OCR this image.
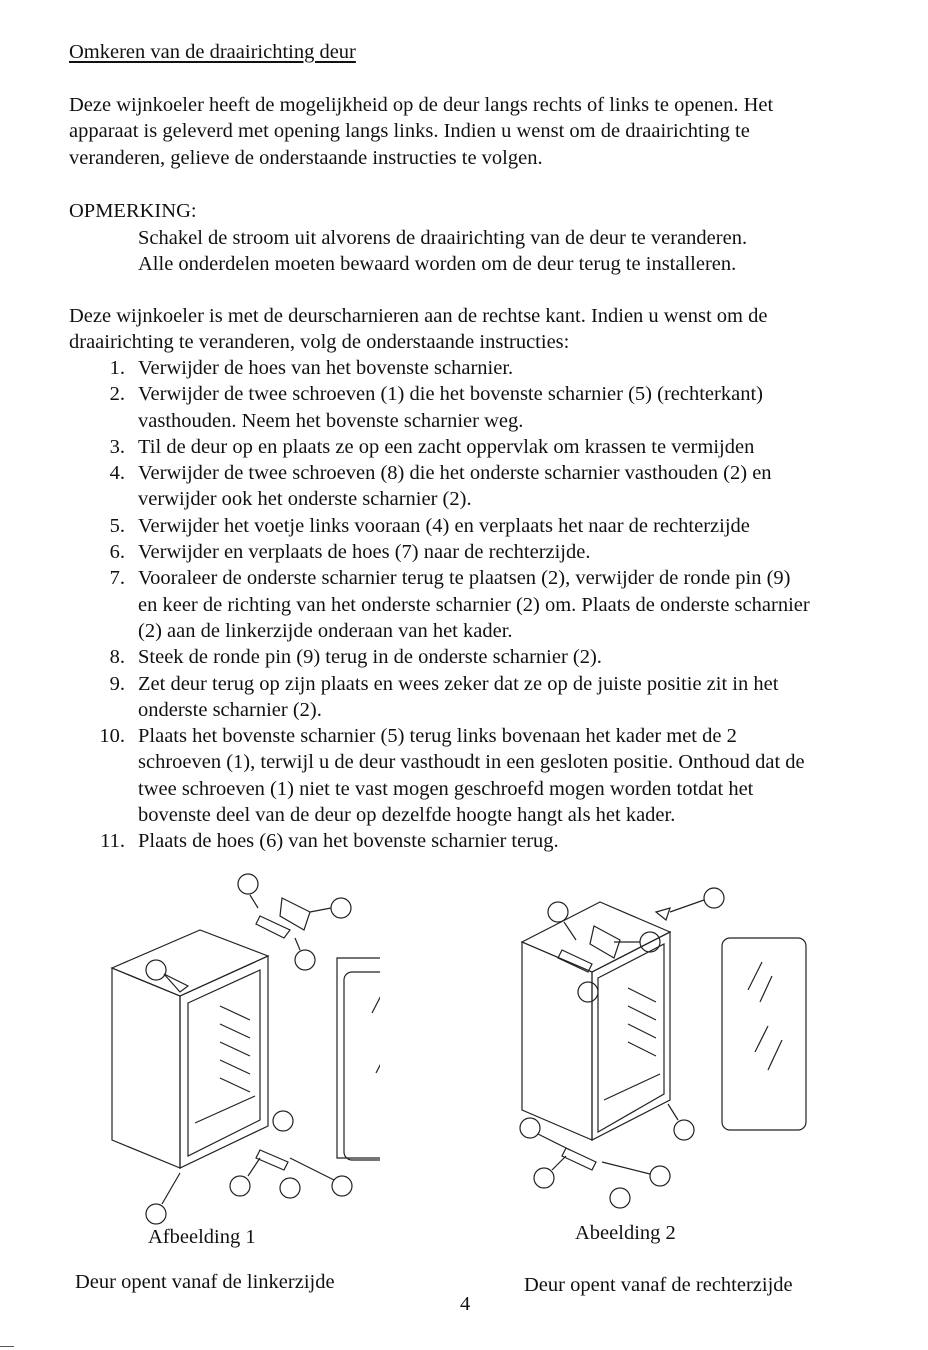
Omkeren van de draairichting deur
Deze wijnkoeler heeft de mogelijkheid op de deur langs rechts of links te openen. Het
apparaat is geleverd met opening langs links. Indien u wenst om de draairichting te
veranderen, gelieve de onderstaande instructies te volgen.
OPMERKING:
Schakel de stroom uit alvorens de draairichting van de deur te veranderen.
Alle onderdelen moeten bewaard worden om de deur terug te installeren.
Deze wijnkoeler is met de deurscharnieren aan de rechtse kant. Indien u wenst om de
draairichting te veranderen, volg de onderstaande instructies:
1. Verwijder de hoes van het bovenste scharnier.
2. Verwijder de twee schroeven (1) die het bovenste scharnier (5) (rechterkant)
vasthouden. Neem het bovenste scharnier weg.
3. Til de deur op en plaats ze op een zacht oppervlak om krassen te vermijden
4. Verwijder de twee schroeven (8) die het onderste scharnier vasthouden (2) en
verwijder ook het onderste scharnier (2).
5. Verwijder het voetje links vooraan (4) en verplaats het naar de rechterzijde
6. Verwijder en verplaats de hoes (7) naar de rechterzijde.
7. Vooraleer de onderste scharnier terug te plaatsen (2), verwijder de ronde pin (9)
en keer de richting van het onderste scharnier (2) om. Plaats de onderste scharnier
(2) aan de linkerzijde onderaan van het kader.
8. Steek de ronde pin (9) terug in de onderste scharnier (2).
9. Zet deur terug op zijn plaats en wees zeker dat ze op de juiste positie zit in het
onderste scharnier (2).
10. Plaats het bovenste scharnier (5) terug links bovenaan het kader met de 2
schroeven (1), terwijl u de deur vasthoudt in een gesloten positie. Onthoud dat de
twee schroeven (1) niet te vast mogen geschroefd mogen worden totdat het
bovenste deel van de deur op dezelfde hoogte hangt als het kader.
11. Plaats de hoes (6) van het bovenste scharnier terug.
Afbeelding 1
Deur opent vanaf de linkerzijde
Abeelding 2
Deur opent vanaf de rechterzijde
4
